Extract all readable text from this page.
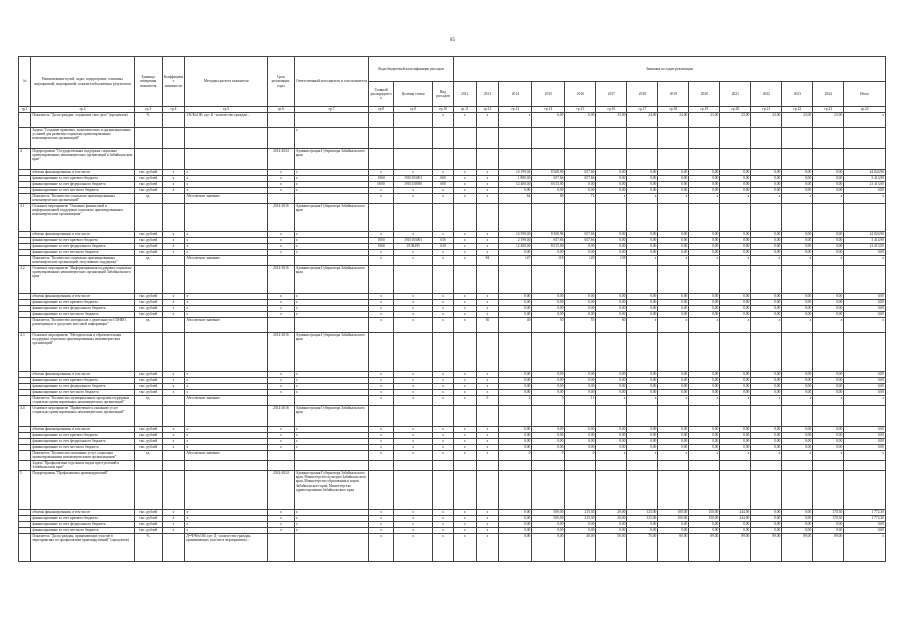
85
№	Наименование целей, задач, подпрограмм, основных мероприятий, мероприятий, показателей конечных результатов	Единица измерения показателя	Коэффициент значимости	Методика расчета показателя	Срок реализации, годы	Ответственный исполнитель и соисполнители	Коды бюджетной классификации расходов			Значения по годам реализации													
							Главный распорядитель	Целевая статья	Вид расходов	2012	2013	2014	2015	2016	2017	2018	2019	2020	2021	2022	2023	2024	Итого
гр.1	гр.2	гр.3	гр.4	гр.5	гр.6	гр.7	гр.8	гр.9	гр.10	гр.11	гр.12	гр.13	гр.14	гр.15	гр.16	гр.17	гр.18	гр.19	гр.20	гр.21	гр.22	гр.23	гр.24
	Показатель "Доля граждан, создавших свое дело" (процентов)	%		1-К/Кх100, где: К - количество граждан...					x	x	x	x	6,00	6,00	25,00	24,00	24,00	23,00	23,00	23,00	23,00	23,00	x
	Задача "Создание правовых, экономических и организационных условий для развития социально ориентированных некоммерческих организаций"					x																	
4	Подпрограмма "Государственная поддержка социально ориентированных некоммерческих организаций в Забайкальском крае"				2014-2024	Администрация Губернатора Забайкальского края																	
	объемы финансирования, в том числе	тыс. рублей	x	x	x	x	x	x	x	x	x	14 199,04	8 568,96	657,66	0,00	0,00	0,00	0,00	0,00	0,00	0,00	0,00	24 824,96
	финансирование за счет краевого бюджета	тыс. рублей	x	x	x	x	1060	1910103001	600	x	x	1 880,00	657,66	657,66	0,00	0,00	0,00	0,00	0,00	0,00	0,00	0,00	3 414,90
	финансирование за счет федерального бюджета	тыс. рублей	x	x	x	x	0000	1910150950	600	x	x	12 400,00	8 013,00	0,00	0,00	0,00	0,00	0,00	0,00	0,00	0,00	0,00	21 413,00
	финансирование за счет местного бюджета	тыс. рублей	x	x	x	x	x	x	x	x	x	0,00	0,00	0,00	0,00	0,00	0,00	0,00	0,00	0,00	0,00	0,00	0,00
	Показатель "Количество социально ориентированных некоммерческих организаций"	ед.		Абсолютное значение			x	x	x	x	x	64	69	72	x	x	x	x	x	x	x	x	x
4.1	Основное мероприятие "Оказание финансовой и информационной поддержки социально ориентированным некоммерческим организациям"				2014-2016	Администрация Губернатора Забайкальского края																	
	объемы финансирования, в том числе	тыс. рублей	x	x	x	x	x	x	x	x	x	14 599,00	8 568,96	657,66	0,00	0,00	0,00	0,00	0,00	0,00	0,00	0,00	24 824,96
	финансирование за счет краевого бюджета	тыс. рублей	x	x	x	x	1060	1910103001	630	x	x	2 199,00	657,66	657,66	0,00	0,00	0,00	0,00	0,00	0,00	0,00	0,00	3 414,90
	финансирование за счет федерального бюджета	тыс. рублей	x	x	x	x	1060	191R495	630	x	x	12 400,00	8 013,00	0,00	0,00	0,00	0,00	0,00	0,00	0,00	0,00	0,00	21 413,00
	финансирование за счет местного бюджета	тыс. рублей	x	x	x	x	x	x	x	x	x	0,00	0,00	0,00	0,00	0,00	0,00	0,00	0,00	0,00	0,00	0,00	0,00
	Показатель "Количество социально ориентированных некоммерческих организаций, получивших поддержку"	ед.		Абсолютное значение			x	x	x	x	84	147	118	120	138	x	x	x	x	x	x	x	x
4.2	Основное мероприятие "Информационная поддержка социально ориентированных некоммерческих организаций Забайкальского края"				2014-2016	Администрация Губернатора Забайкальского края																	
	объемы финансирования, в том числе	тыс. рублей	x	x	x	x	x	x	x	x	x	0,00	0,00	0,00	0,00	0,00	0,00	0,00	0,00	0,00	0,00	0,00	0,00
	финансирование за счет краевого бюджета	тыс. рублей	x	x	x	x	x	x	x	x	x	0,00	0,00	0,00	0,00	0,00	0,00	0,00	0,00	0,00	0,00	0,00	0,00
	финансирование за счет федерального бюджета	тыс. рублей	x	x	x	x	x	x	x	x	x	0,00	0,00	0,00	0,00	0,00	0,00	0,00	0,00	0,00	0,00	0,00	0,00
	финансирование за счет местного бюджета	тыс. рублей	x	x	x	x	x	x	x	x	x	0,00	0,00	0,00	0,00	0,00	0,00	0,00	0,00	0,00	0,00	0,00	0,00
	Показатель "Количество материалов о деятельности СОНКО, размещенных в средствах массовой информации"	ед.		Абсолютное значение			x	x	x	x	30	40	50	55	60	x	x	x	x	x	x	x	x
4.3	Основное мероприятие "Методическая и образовательная поддержка социально ориентированных некоммерческих организаций"				2014-2016	Администрация Губернатора Забайкальского края																	
	объемы финансирования, в том числе	тыс. рублей	x	x	x	x	x	x	x	x	x	0,00	0,00	0,00	0,00	0,00	0,00	0,00	0,00	0,00	0,00	0,00	0,00
	финансирование за счет краевого бюджета	тыс. рублей	x	x	x	x	x	x	x	x	x	0,00	0,00	0,00	0,00	0,00	0,00	0,00	0,00	0,00	0,00	0,00	0,00
	финансирование за счет федерального бюджета	тыс. рублей	x	x	x	x	x	x	x	x	x	0,00	0,00	0,00	0,00	0,00	0,00	0,00	0,00	0,00	0,00	0,00	0,00
	финансирование за счет местного бюджета	тыс. рублей	x	x	x	x	x	x	x	x	x	0,00	0,00	0,00	0,00	0,00	0,00	0,00	0,00	0,00	0,00	0,00	0,00
	Показатель "Количество муниципальных программ поддержки социально ориентированных некоммерческих организаций"	ед.		Абсолютное значение			x	x	x	x	0	2	5	11	x	x	x	x	x	x	x	x	x
4.4	Основное мероприятие "Привлечение к оказанию услуг социально ориентированных некоммерческих организаций"				2014-2016	Администрация Губернатора Забайкальского края																	
	объемы финансирования, в том числе	тыс. рублей	x	x	x	x	x	x	x	x	x	0,00	0,00	0,00	0,00	0,00	0,00	0,00	0,00	0,00	0,00	0,00	0,00
	финансирование за счет краевого бюджета	тыс. рублей	x	x	x	x	x	x	x	x	x	0,00	0,00	0,00	0,00	0,00	0,00	0,00	0,00	0,00	0,00	0,00	0,00
	финансирование за счет федерального бюджета	тыс. рублей	x	x	x	x	x	x	x	x	x	0,00	0,00	0,00	0,00	0,00	0,00	0,00	0,00	0,00	0,00	0,00	0,00
	финансирование за счет местного бюджета	тыс. рублей	x	x	x	x	x	x	x	x	x	0,00	0,00	0,00	0,00	0,00	0,00	0,00	0,00	0,00	0,00	0,00	0,00
	Показатель "Количество оказанных услуг социально ориентированными некоммерческими организациями"	ед.		Абсолютное значение			x	x	x	x	x	0	0	0	x	x	x	x	x	x	x	x	x
	Задача "Профилактика отдельных видов преступлений в Забайкальском крае"																						
5	Подпрограмма "Профилактика правонарушений"				2014-2024	Администрация Губернатора Забайкальского края, Министерство культуры Забайкальского края, Министерство образования и науки Забайкальского края, Министерство здравоохранения Забайкальского края																	
	объемы финансирования, в том числе	тыс. рублей	x	x	x	x	x	x	x	x	x	0,00	500,00	215,30	20,00	125,00	100,00	150,00	244,00	0,00	0,00	170,30	1 772,30
	финансирование за счет краевого бюджета	тыс. рублей	x	x	x	x	x	x	x	x	x	0,00	500,00	215,30	20,00	125,00	100,00	150,00	244,00	0,00	0,00	170,30	1 772,30
	финансирование за счет федерального бюджета	тыс. рублей	x	x	x	x	x	x	x	x	x	0,00	0,00	0,00	0,00	0,00	0,00	0,00	0,00	0,00	0,00	0,00	0,00
	финансирование за счет местного бюджета	тыс. рублей	x	x	x	x	x	x	x	x	x	0,00	0,00	0,00	0,00	0,00	0,00	0,00	0,00	0,00	0,00	0,00	0,00
	Показатель "Доля граждан, принимающих участие в мероприятиях по профилактике правонарушений" (процентов)	%		Д=Ч/Ч0х100, где: Д - количество граждан, принимающих участие в мероприятиях...			x	x	x	x	x	0,00	0,00	40,00	50,00	70,00	80,00	89,00	89,00	89,00	89,00	89,00	x
